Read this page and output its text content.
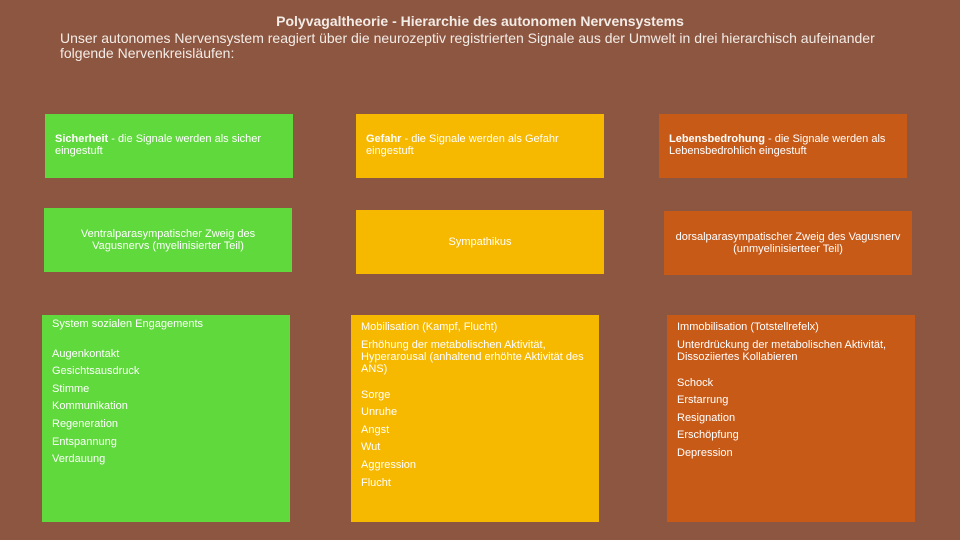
Polyvagaltheorie - Hierarchie des autonomen Nervensystems
Unser autonomes Nervensystem reagiert über die neurozeptiv registrierten Signale aus der Umwelt in drei hierarchisch aufeinander folgende Nervenkreisläufen:
Sicherheit - die Signale werden als sicher eingestuft
Gefahr - die Signale werden als Gefahr eingestuft
Lebensbedrohung - die Signale werden als Lebensbedrohlich eingestuft
Ventralparasympatischer Zweig des Vagusnervs (myelinisierter Teil)	Sympathikus	dorsalparasympatischer Zweig des Vagusnerv (unmyelinisierteer Teil)
System sozialen Engagements
Augenkontakt
Gesichtsausdruck
Stimme
Kommunikation
Regeneration
Entspannung
Verdauung
Mobilisation (Kampf, Flucht)
Erhöhung der metabolischen Aktivität, Hyperarousal (anhaltend erhöhte Aktivität des ANS)
Sorge
Unruhe
Angst
Wut
Aggression
Flucht
Immobilisation (Totstellrefelx)
Unterdrückung der metabolischen Aktivität, Dissoziiertes Kollabieren
Schock
Erstarrung
Resignation
Erschöpfung
Depression
